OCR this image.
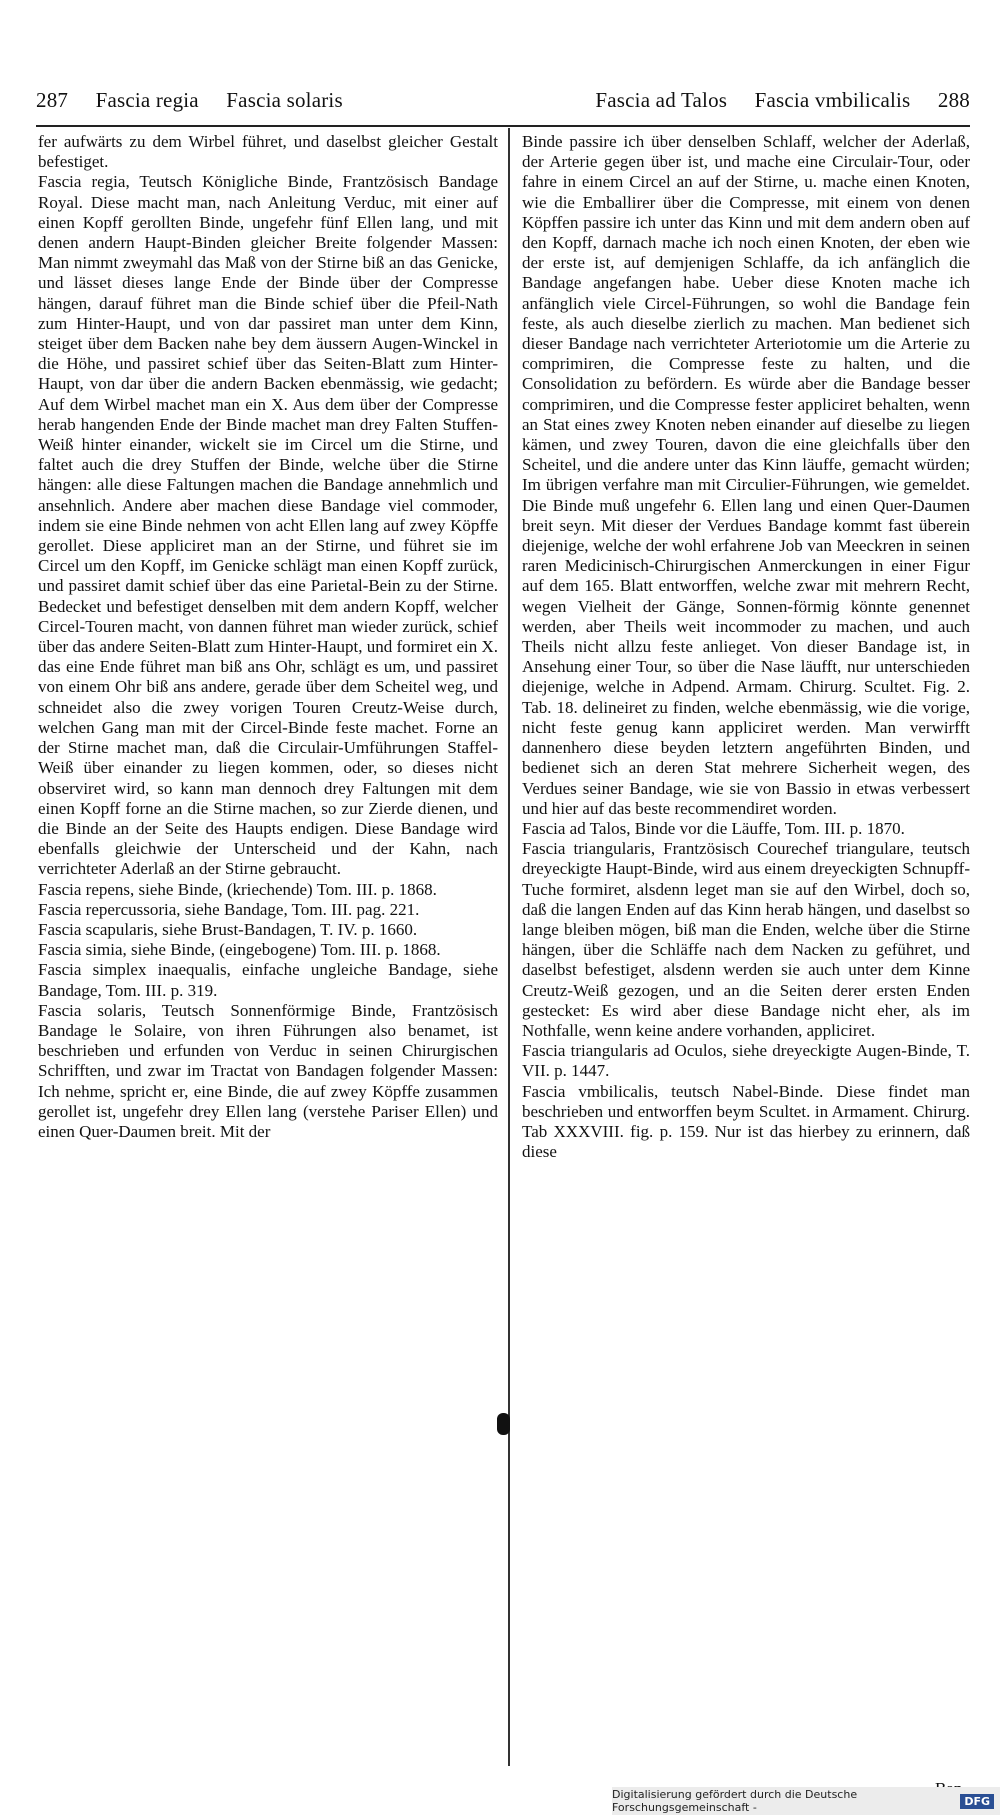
287 Fascia regia Fascia solaris	Fascia ad Talos Fascia vmbilicalis 288

fer aufwärts zu dem Wirbel führet, und daselbst gleicher Gestalt befestiget.

Fascia regia, Teutsch Königliche Binde, Frantzösisch Bandage Royal. Diese macht man, nach Anleitung Verduc, mit einer auf einen Kopff gerollten Binde, ungefehr fünf Ellen lang, und mit denen andern Haupt-Binden gleicher Breite folgender Massen: Man nimmt zweymahl das Maß von der Stirne biß an das Genicke, und lässet dieses lange Ende der Binde über der Compresse hängen, darauf führet man die Binde schief über die Pfeil-Nath zum Hinter-Haupt, und von dar passiret man unter dem Kinn, steiget über dem Backen nahe bey dem äussern Augen-Winckel in die Höhe, und passiret schief über das Seiten-Blatt zum Hinter-Haupt, von dar über die andern Backen ebenmässig, wie gedacht; Auf dem Wirbel machet man ein X. Aus dem über der Compresse herab hangenden Ende der Binde machet man drey Falten Stuffen-Weiß hinter einander, wickelt sie im Circel um die Stirne, und faltet auch die drey Stuffen der Binde, welche über die Stirne hängen: alle diese Faltungen machen die Bandage annehmlich und ansehnlich. Andere aber machen diese Bandage viel commoder, indem sie eine Binde nehmen von acht Ellen lang auf zwey Köpffe gerollet. Diese appliciret man an der Stirne, und führet sie im Circel um den Kopff, im Genicke schlägt man einen Kopff zurück, und passiret damit schief über das eine Parietal-Bein zu der Stirne. Bedecket und befestiget denselben mit dem andern Kopff, welcher Circel-Touren macht, von dannen führet man wieder zurück, schief über das andere Seiten-Blatt zum Hinter-Haupt, und formiret ein X. das eine Ende führet man biß ans Ohr, schlägt es um, und passiret von einem Ohr biß ans andere, gerade über dem Scheitel weg, und schneidet also die zwey vorigen Touren Creutz-Weise durch, welchen Gang man mit der Circel-Binde feste machet. Forne an der Stirne machet man, daß die Circulair-Umführungen Staffel-Weiß über einander zu liegen kommen, oder, so dieses nicht observiret wird, so kann man dennoch drey Faltungen mit dem einen Kopff forne an die Stirne machen, so zur Zierde dienen, und die Binde an der Seite des Haupts endigen. Diese Bandage wird ebenfalls gleichwie der Unterscheid und der Kahn, nach verrichteter Aderlaß an der Stirne gebraucht.

Fascia repens, siehe Binde, (kriechende) Tom. III. p. 1868.

Fascia repercussoria, siehe Bandage, Tom. III. pag. 221.

Fascia scapularis, siehe Brust-Bandagen, T. IV. p. 1660.

Fascia simia, siehe Binde, (eingebogene) Tom. III. p. 1868.

Fascia simplex inaequalis, einfache ungleiche Bandage, siehe Bandage, Tom. III. p. 319.

Fascia solaris, Teutsch Sonnenförmige Binde, Frantzösisch Bandage le Solaire, von ihren Führungen also benamet, ist beschrieben und erfunden von Verduc in seinen Chirurgischen Schrifften, und zwar im Tractat von Bandagen folgender Massen: Ich nehme, spricht er, eine Binde, die auf zwey Köpffe zusammen gerollet ist, ungefehr drey Ellen lang (verstehe Pariser Ellen) und einen Quer-Daumen breit. Mit der

Binde passire ich über denselben Schlaff, welcher der Aderlaß, der Arterie gegen über ist, und mache eine Circulair-Tour, oder fahre in einem Circel an auf der Stirne, u. mache einen Knoten, wie die Emballirer über die Compresse, mit einem von denen Köpffen passire ich unter das Kinn und mit dem andern oben auf den Kopff, darnach mache ich noch einen Knoten, der eben wie der erste ist, auf demjenigen Schlaffe, da ich anfänglich die Bandage angefangen habe. Ueber diese Knoten mache ich anfänglich viele Circel-Führungen, so wohl die Bandage fein feste, als auch dieselbe zierlich zu machen. Man bedienet sich dieser Bandage nach verrichteter Arteriotomie um die Arterie zu comprimiren, die Compresse feste zu halten, und die Consolidation zu befördern. Es würde aber die Bandage besser comprimiren, und die Compresse fester appliciret behalten, wenn an Stat eines zwey Knoten neben einander auf dieselbe zu liegen kämen, und zwey Touren, davon die eine gleichfalls über den Scheitel, und die andere unter das Kinn läuffe, gemacht würden; Im übrigen verfahre man mit Circulier-Führungen, wie gemeldet. Die Binde muß ungefehr 6. Ellen lang und einen Quer-Daumen breit seyn. Mit dieser der Verdues Bandage kommt fast überein diejenige, welche der wohl erfahrene Job van Meeckren in seinen raren Medicinisch-Chirurgischen Anmerckungen in einer Figur auf dem 165. Blatt entworffen, welche zwar mit mehrern Recht, wegen Vielheit der Gänge, Sonnen-förmig könnte genennet werden, aber Theils weit incommoder zu machen, und auch Theils nicht allzu feste anlieget. Von dieser Bandage ist, in Ansehung einer Tour, so über die Nase läufft, nur unterschieden diejenige, welche in Adpend. Armam. Chirurg. Scultet. Fig. 2. Tab. 18. delineiret zu finden, welche ebenmässig, wie die vorige, nicht feste genug kann appliciret werden. Man verwirfft dannenhero diese beyden letztern angeführten Binden, und bedienet sich an deren Stat mehrere Sicherheit wegen, des Verdues seiner Bandage, wie sie von Bassio in etwas verbessert und hier auf das beste recommendiret worden.

Fascia ad Talos, Binde vor die Läuffe, Tom. III. p. 1870.

Fascia triangularis, Frantzösisch Courechef triangulare, teutsch dreyeckigte Haupt-Binde, wird aus einem dreyeckigten Schnupff-Tuche formiret, alsdenn leget man sie auf den Wirbel, doch so, daß die langen Enden auf das Kinn herab hängen, und daselbst so lange bleiben mögen, biß man die Enden, welche über die Stirne hängen, über die Schläffe nach dem Nacken zu geführet, und daselbst befestiget, alsdenn werden sie auch unter dem Kinne Creutz-Weiß gezogen, und an die Seiten derer ersten Enden gestecket: Es wird aber diese Bandage nicht eher, als im Nothfalle, wenn keine andere vorhanden, appliciret.

Fascia triangularis ad Oculos, siehe dreyeckigte Augen-Binde, T. VII. p. 1447.

Fascia vmbilicalis, teutsch Nabel-Binde. Diese findet man beschrieben und entworffen beym Scultet. in Armament. Chirurg. Tab XXXVIII. fig. p. 159. Nur ist das hierbey zu erinnern, daß diese

Digitalisierung gefördert durch die Deutsche Forschungsgemeinschaft -	DFG
